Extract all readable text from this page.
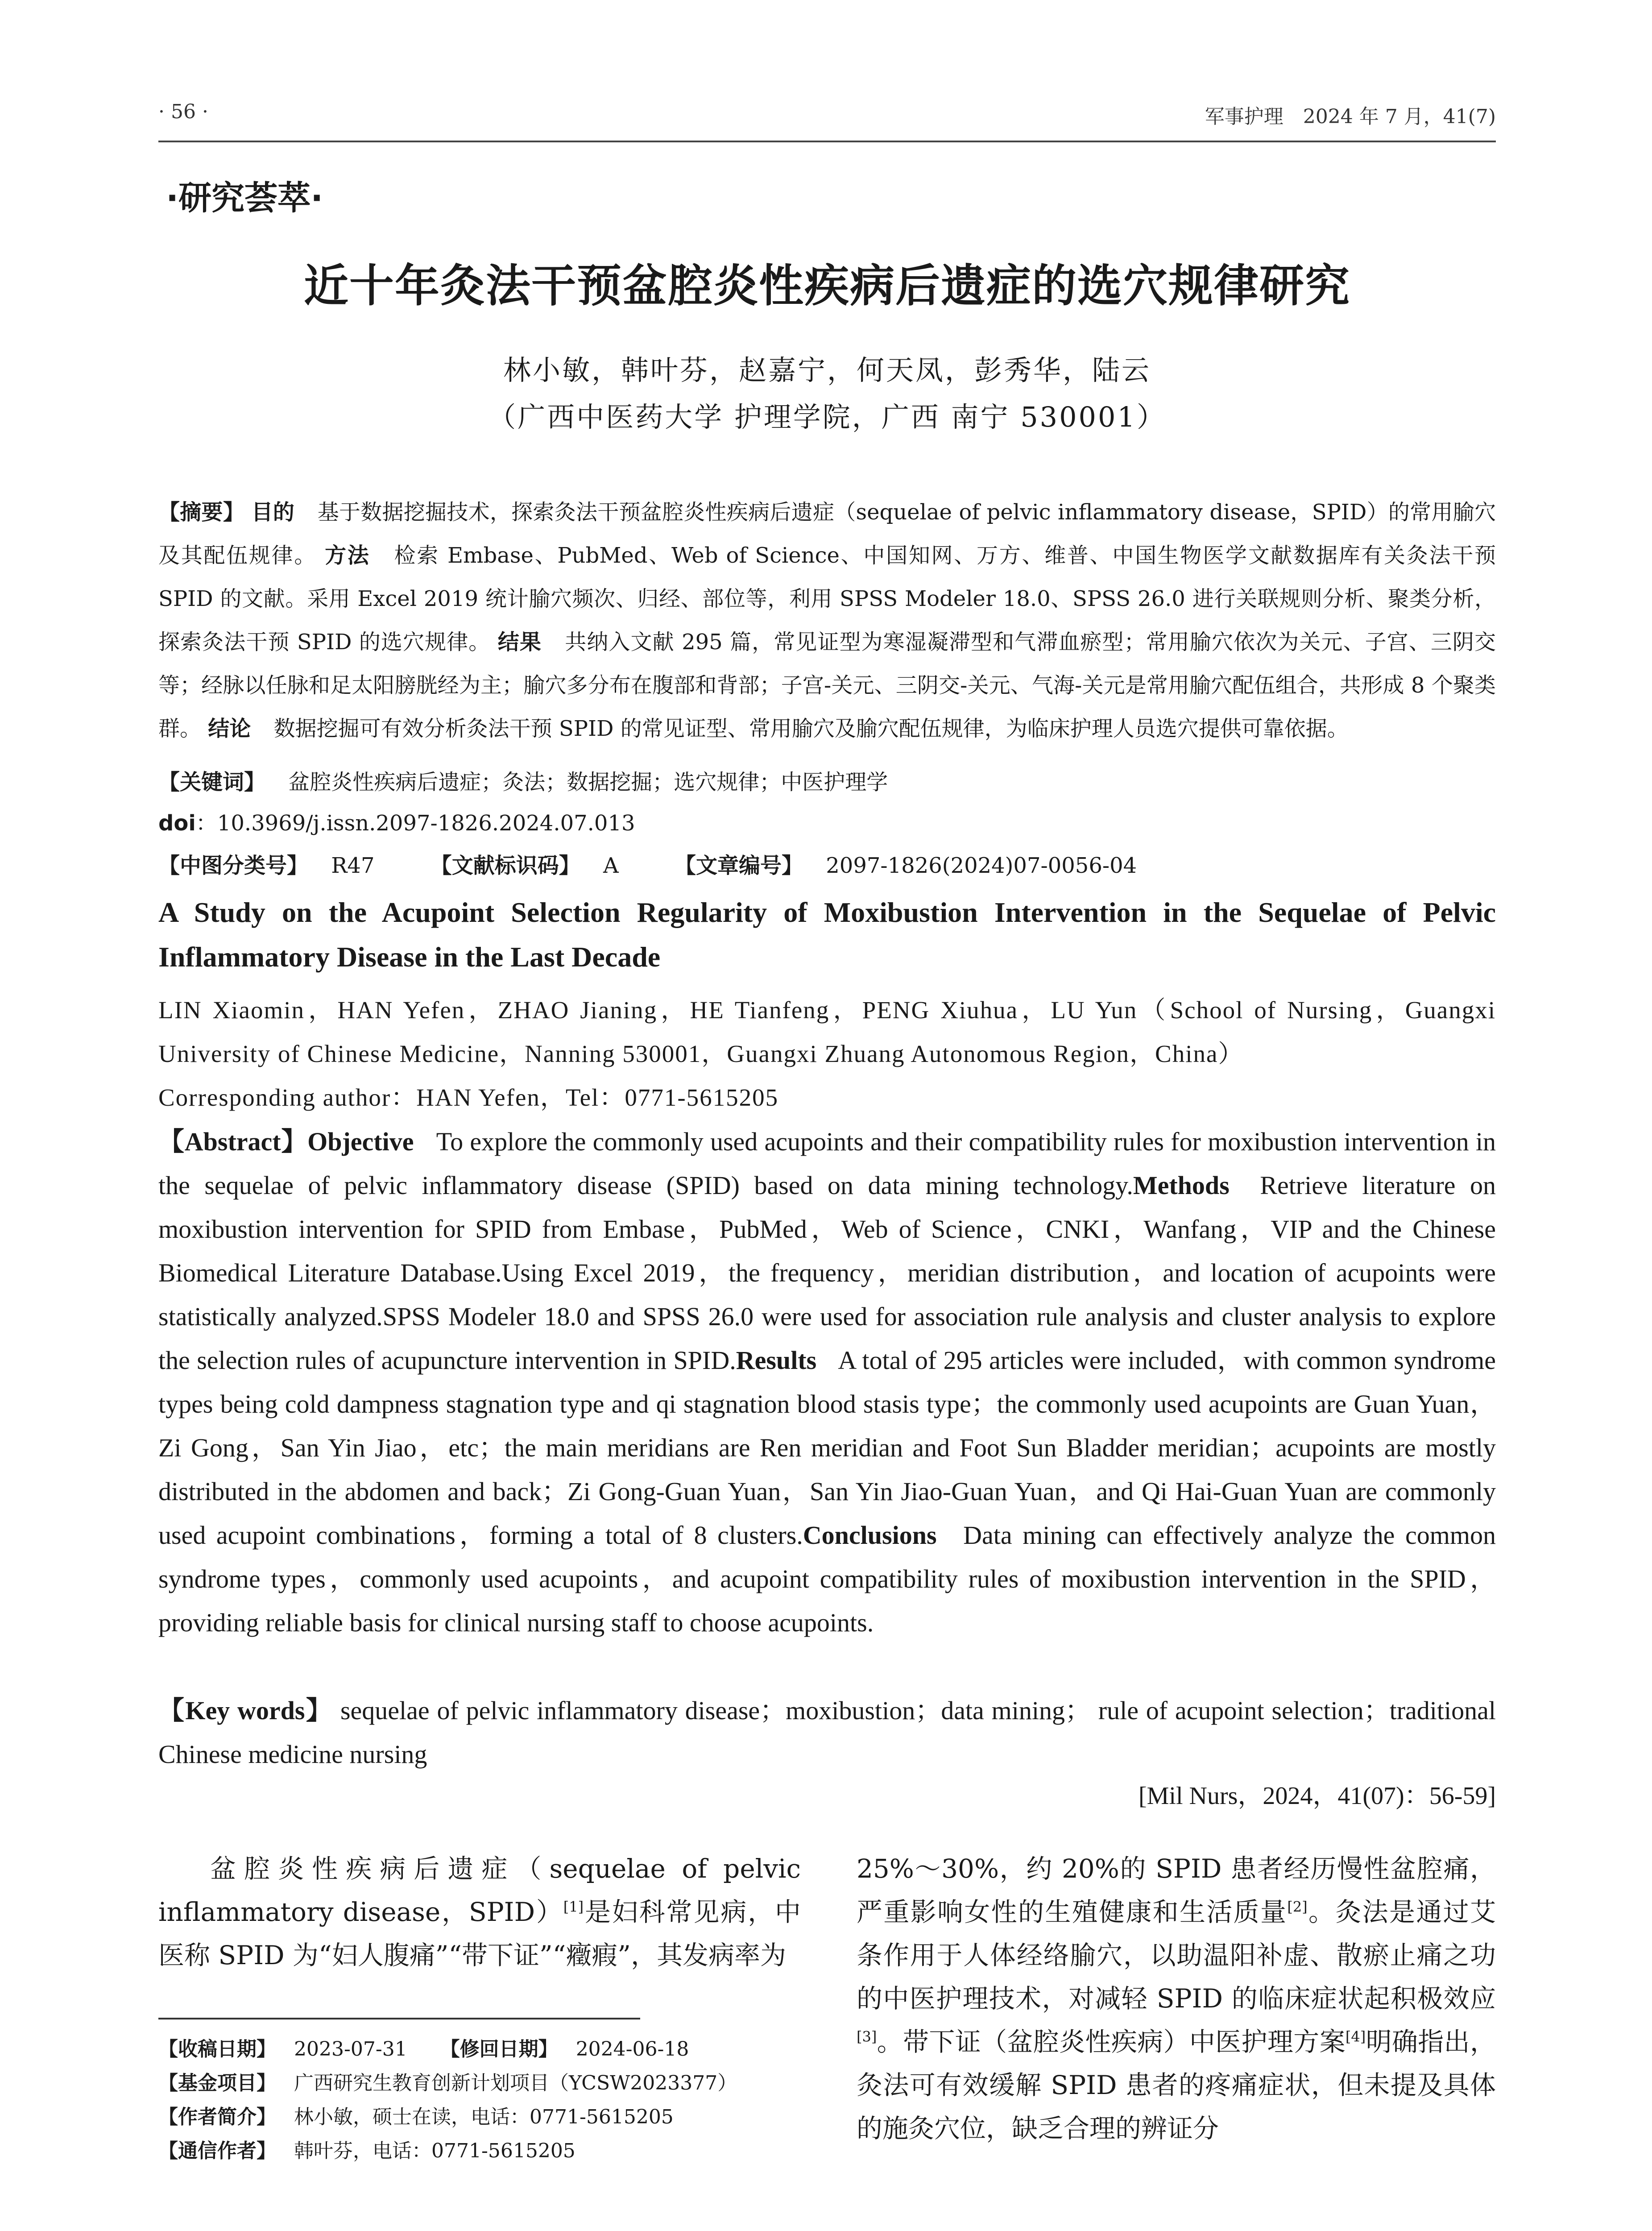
· 56 ·	军事护理　2024 年 7 月，41(7)
·研究荟萃·
近十年灸法干预盆腔炎性疾病后遗症的选穴规律研究
林小敏，韩叶芬，赵嘉宁，何天凤，彭秀华，陆云
（广西中医药大学 护理学院，广西 南宁 530001）
【摘要】 目的 基于数据挖掘技术，探索灸法干预盆腔炎性疾病后遗症（sequelae of pelvic inflammatory disease，SPID）的常用腧穴及其配伍规律。 方法 检索 Embase、PubMed、Web of Science、中国知网、万方、维普、中国生物医学文献数据库有关灸法干预 SPID 的文献。采用 Excel 2019 统计腧穴频次、归经、部位等，利用 SPSS Modeler 18.0、SPSS 26.0 进行关联规则分析、聚类分析，探索灸法干预 SPID 的选穴规律。 结果 共纳入文献 295 篇，常见证型为寒湿凝滞型和气滞血瘀型；常用腧穴依次为关元、子宫、三阴交等；经脉以任脉和足太阳膀胱经为主；腧穴多分布在腹部和背部；子宫-关元、三阴交-关元、气海-关元是常用腧穴配伍组合，共形成 8 个聚类群。 结论 数据挖掘可有效分析灸法干预 SPID 的常见证型、常用腧穴及腧穴配伍规律，为临床护理人员选穴提供可靠依据。
【关键词】 盆腔炎性疾病后遗症；灸法；数据挖掘；选穴规律；中医护理学
doi：10.3969/j.issn.2097-1826.2024.07.013
【中图分类号】 R47	【文献标识码】 A	【文章编号】 2097-1826(2024)07-0056-04
A Study on the Acupoint Selection Regularity of Moxibustion Intervention in the Sequelae of Pelvic Inflammatory Disease in the Last Decade
LIN Xiaomin，HAN Yefen，ZHAO Jianing，HE Tianfeng，PENG Xiuhua，LU Yun（School of Nursing，Guangxi University of Chinese Medicine，Nanning 530001，Guangxi Zhuang Autonomous Region，China）
Corresponding author：HAN Yefen，Tel：0771-5615205
【Abstract】Objective To explore the commonly used acupoints and their compatibility rules for moxibustion intervention in the sequelae of pelvic inflammatory disease (SPID) based on data mining technology.Methods Retrieve literature on moxibustion intervention for SPID from Embase，PubMed，Web of Science，CNKI，Wanfang，VIP and the Chinese Biomedical Literature Database.Using Excel 2019，the frequency，meridian distribution，and location of acupoints were statistically analyzed.SPSS Modeler 18.0 and SPSS 26.0 were used for association rule analysis and cluster analysis to explore the selection rules of acupuncture intervention in SPID.Results A total of 295 articles were included，with common syndrome types being cold dampness stagnation type and qi stagnation blood stasis type；the commonly used acupoints are Guan Yuan，Zi Gong，San Yin Jiao，etc；the main meridians are Ren meridian and Foot Sun Bladder meridian；acupoints are mostly distributed in the abdomen and back；Zi Gong-Guan Yuan，San Yin Jiao-Guan Yuan，and Qi Hai-Guan Yuan are commonly used acupoint combinations，forming a total of 8 clusters.Conclusions Data mining can effectively analyze the common syndrome types，commonly used acupoints，and acupoint compatibility rules of moxibustion intervention in the SPID，providing reliable basis for clinical nursing staff to choose acupoints.
【Key words】 sequelae of pelvic inflammatory disease；moxibustion；data mining； rule of acupoint selection；traditional Chinese medicine nursing
[Mil Nurs，2024，41(07)：56-59]
盆腔炎性疾病后遗症（sequelae of pelvic inflammatory disease，SPID）[1]是妇科常见病，中医称 SPID 为“妇人腹痛”“带下证”“癥瘕”，其发病率为
25%～30%，约 20%的 SPID 患者经历慢性盆腔痛，严重影响女性的生殖健康和生活质量[2]。灸法是通过艾条作用于人体经络腧穴，以助温阳补虚、散瘀止痛之功的中医护理技术，对减轻 SPID 的临床症状起积极效应[3]。带下证（盆腔炎性疾病）中医护理方案[4]明确指出，灸法可有效缓解 SPID 患者的疼痛症状，但未提及具体的施灸穴位，缺乏合理的辨证分
【收稿日期】 2023-07-31 【修回日期】 2024-06-18
【基金项目】 广西研究生教育创新计划项目（YCSW2023377）
【作者简介】 林小敏，硕士在读，电话：0771-5615205
【通信作者】 韩叶芬，电话：0771-5615205
